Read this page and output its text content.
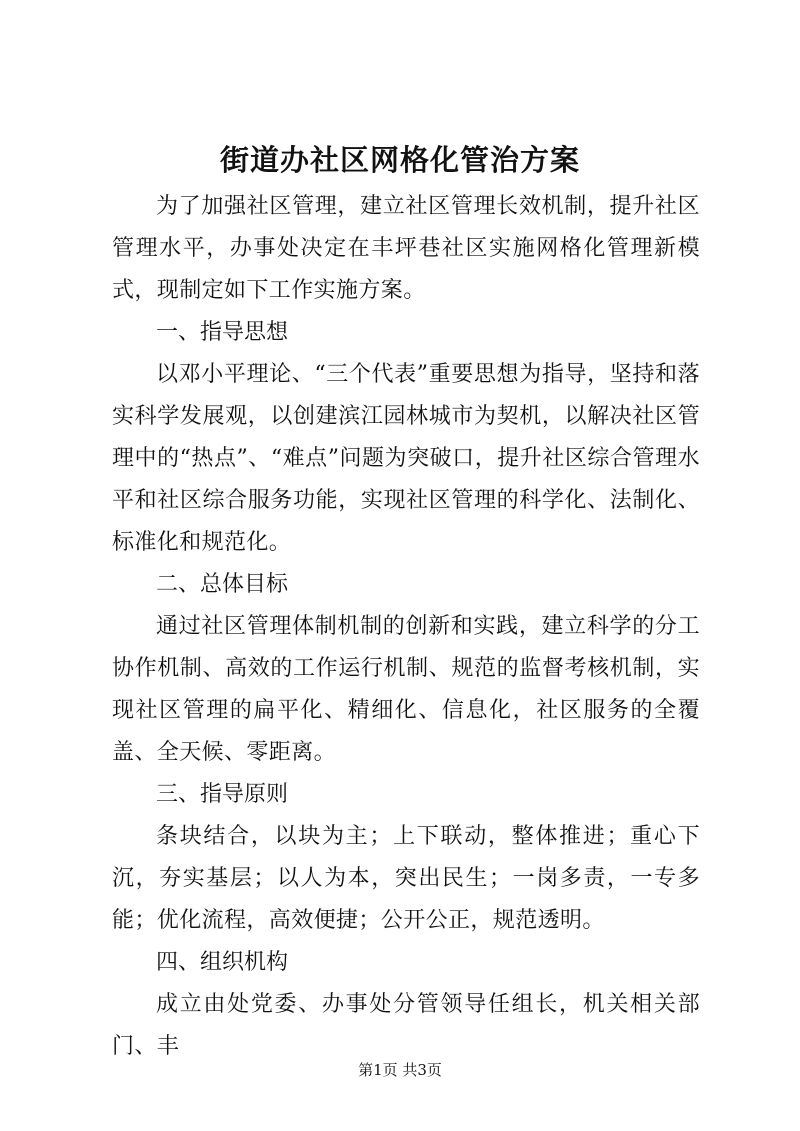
街道办社区网格化管治方案

为了加强社区管理，建立社区管理长效机制，提升社区管理水平，办事处决定在丰坪巷社区实施网格化管理新模式，现制定如下工作实施方案。

一、指导思想

以邓小平理论、“三个代表”重要思想为指导，坚持和落实科学发展观，以创建滨江园林城市为契机，以解决社区管理中的“热点”、“难点”问题为突破口，提升社区综合管理水平和社区综合服务功能，实现社区管理的科学化、法制化、标准化和规范化。

二、总体目标

通过社区管理体制机制的创新和实践，建立科学的分工协作机制、高效的工作运行机制、规范的监督考核机制，实现社区管理的扁平化、精细化、信息化，社区服务的全覆盖、全天候、零距离。

三、指导原则

条块结合，以块为主；上下联动，整体推进；重心下沉，夯实基层；以人为本，突出民生；一岗多责，一专多能；优化流程，高效便捷；公开公正，规范透明。

四、组织机构

成立由处党委、办事处分管领导任组长，机关相关部门、丰

第1页 共3页
